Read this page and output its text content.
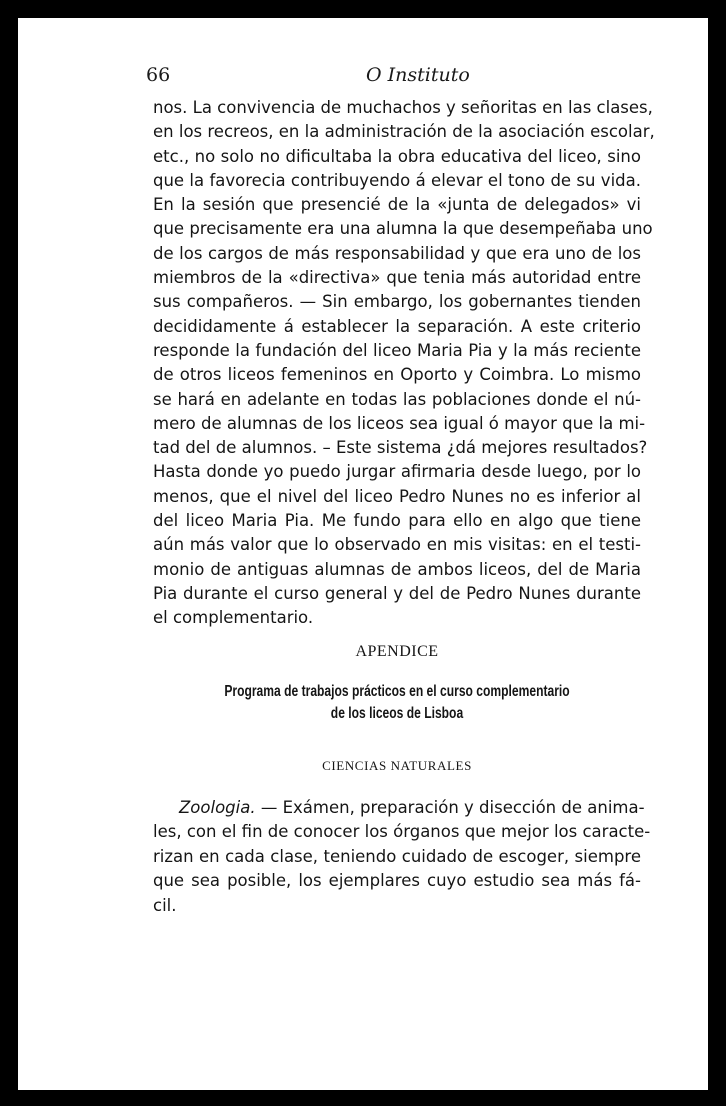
66	O Instituto
nos. La convivencia de muchachos y señoritas en las clases,
en los recreos, en la administración de la asociación escolar,
etc., no solo no dificultaba la obra educativa del liceo, sino
que la favorecia contribuyendo á elevar el tono de su vida.
En la sesión que presencié de la «junta de delegados» vi
que precisamente era una alumna la que desempeñaba uno
de los cargos de más responsabilidad y que era uno de los
miembros de la «directiva» que tenia más autoridad entre
sus compañeros. — Sin embargo, los gobernantes tienden
decididamente á establecer la separación. A este criterio
responde la fundación del liceo Maria Pia y la más reciente
de otros liceos femeninos en Oporto y Coimbra. Lo mismo
se hará en adelante en todas las poblaciones donde el nú-
mero de alumnas de los liceos sea igual ó mayor que la mi-
tad del de alumnos. – Este sistema ¿dá mejores resultados?
Hasta donde yo puedo jurgar afirmaria desde luego, por lo
menos, que el nivel del liceo Pedro Nunes no es inferior al
del liceo Maria Pia. Me fundo para ello en algo que tiene
aún más valor que lo observado en mis visitas: en el testi-
monio de antiguas alumnas de ambos liceos, del de Maria
Pia durante el curso general y del de Pedro Nunes durante
el complementario.
APENDICE
Programa de trabajos prácticos en el curso complementario
de los liceos de Lisboa
CIENCIAS NATURALES
Zoologia. — Exámen, preparación y disección de anima-
les, con el fin de conocer los órganos que mejor los caracte-
rizan en cada clase, teniendo cuidado de escoger, siempre
que sea posible, los ejemplares cuyo estudio sea más fá-
cil.
